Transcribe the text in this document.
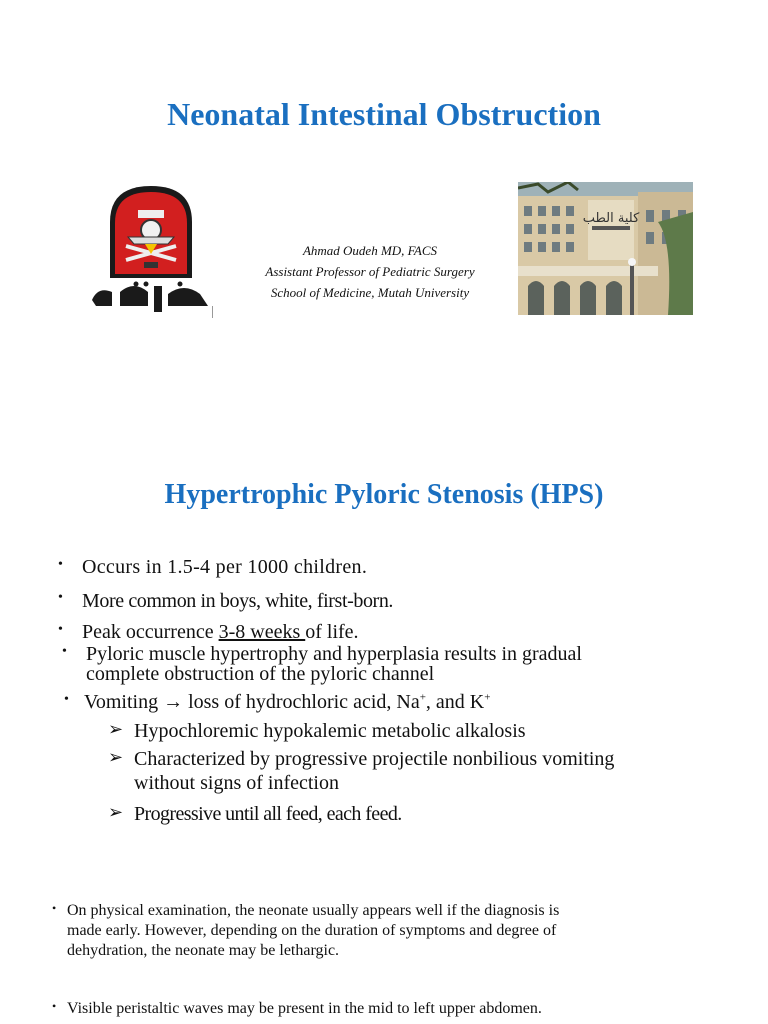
Neonatal Intestinal Obstruction
Ahmad Oudeh MD, FACS
Assistant Professor of Pediatric Surgery
School of Medicine, Mutah University
كلية الطب
Hypertrophic Pyloric Stenosis (HPS)
• Occurs in 1.5-4 per 1000 children.
• More common in boys, white, first-born.
• Peak occurrence 3-8 weeks of life.
• Pyloric muscle hypertrophy and hyperplasia results in gradual
complete obstruction of the pyloric channel
• Vomiting → loss of hydrochloric acid, Na+, and K+
➢ Hypochloremic hypokalemic metabolic alkalosis
➢ Characterized by progressive projectile nonbilious vomiting
without signs of infection
➢ Progressive until all feed, each feed.
• On physical examination, the neonate usually appears well if the diagnosis is
made early. However, depending on the duration of symptoms and degree of
dehydration, the neonate may be lethargic.
• Visible peristaltic waves may be present in the mid to left upper abdomen.
